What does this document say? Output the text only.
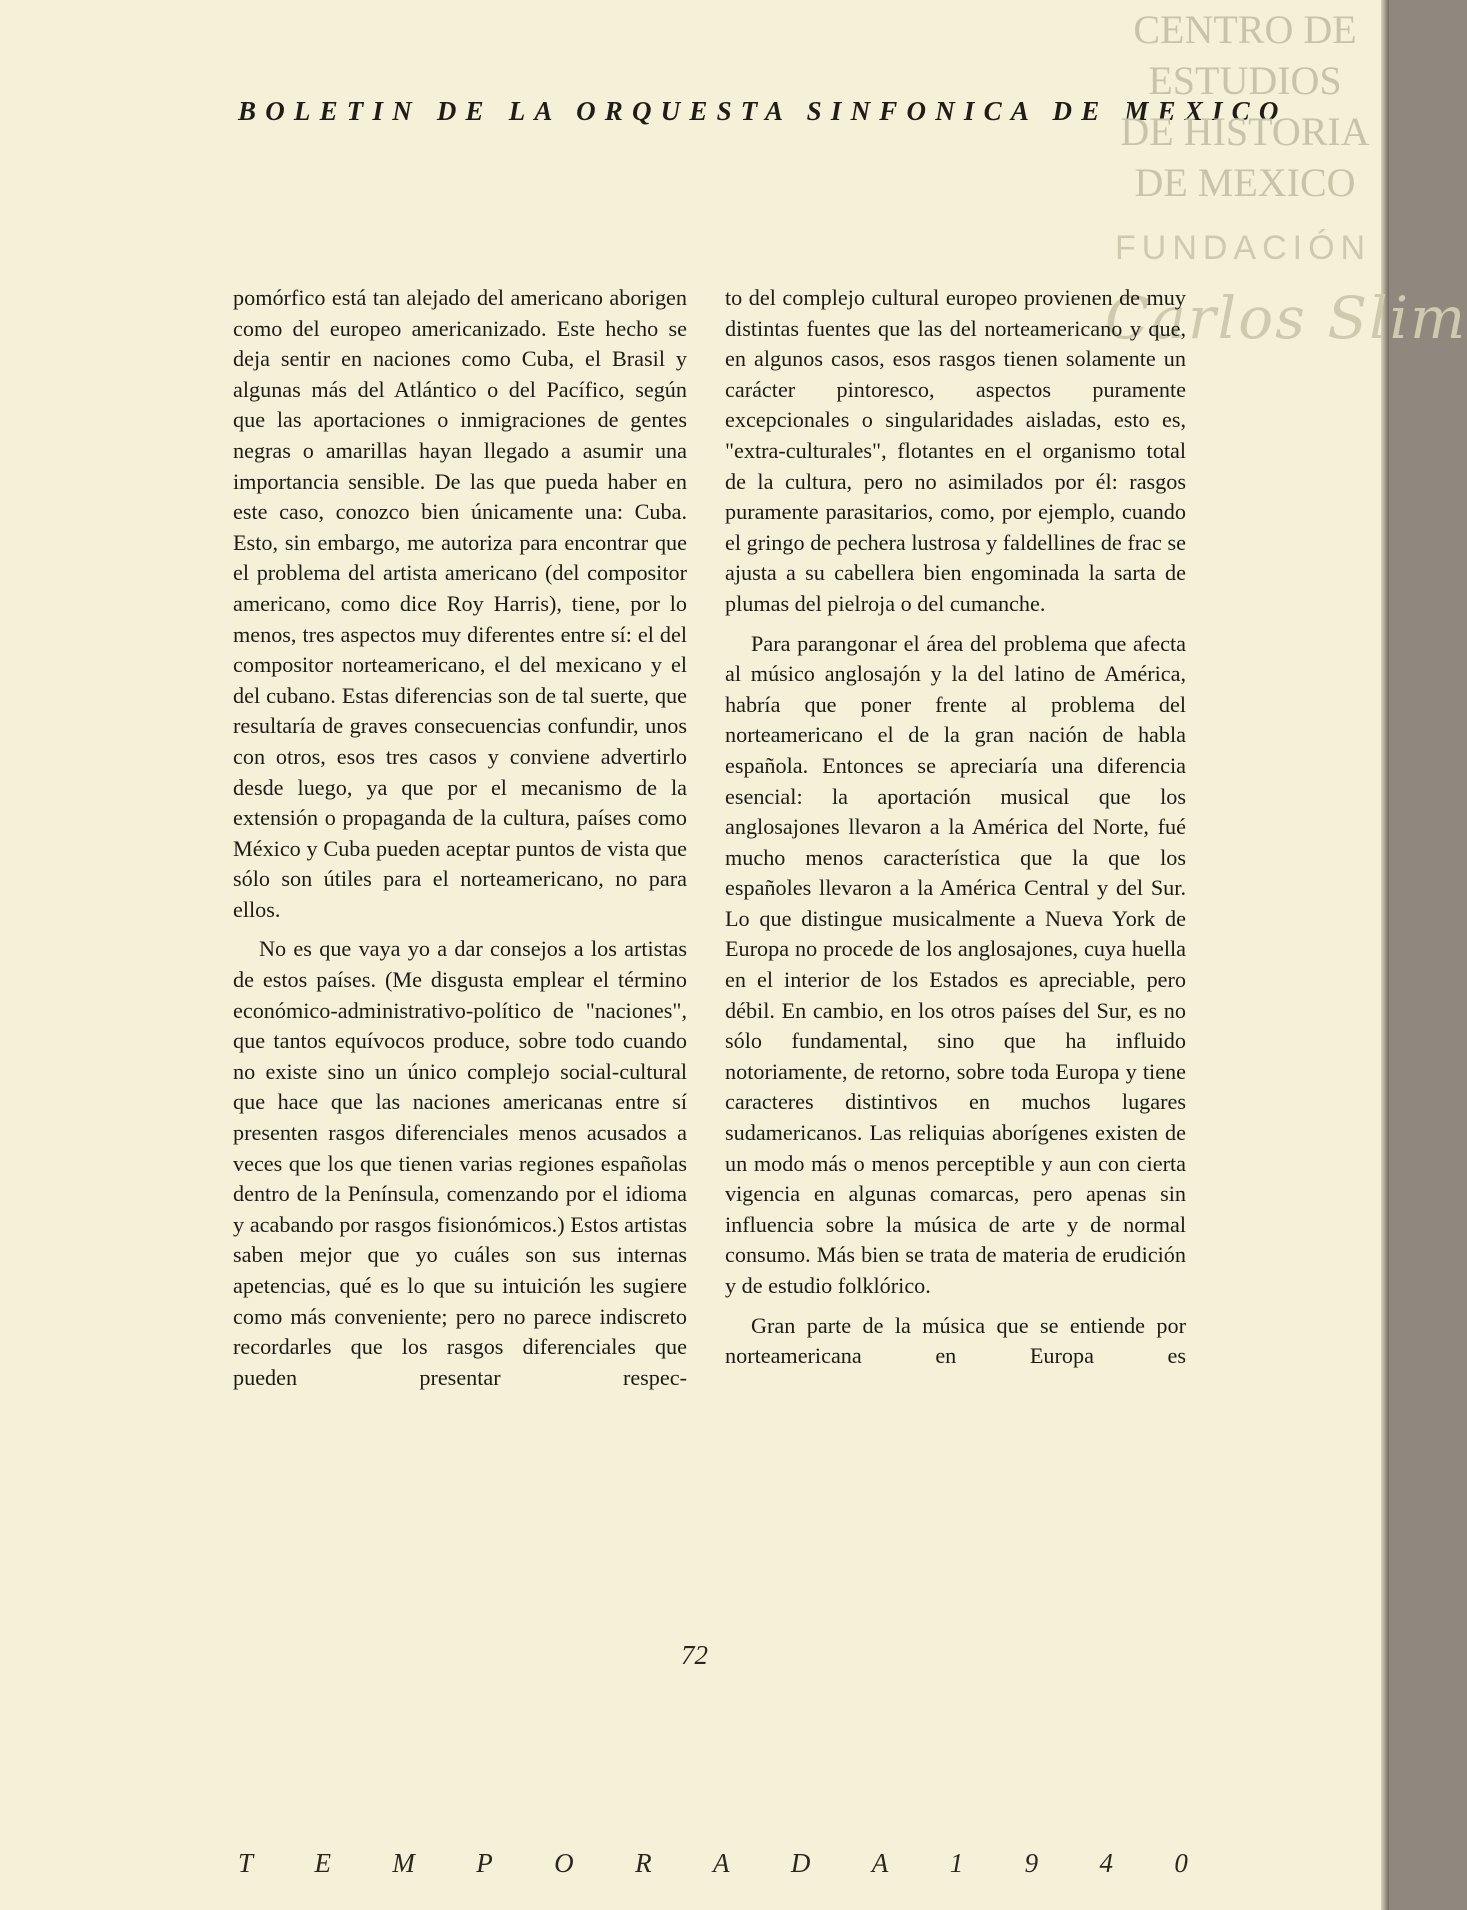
BOLETIN DE LA ORQUESTA SINFONICA DE MEXICO
CENTRO DE
ESTUDIOS
DE HISTORIA
DE MEXICO
FUNDACIÓN
Carlos Slim

pomórfico está tan alejado del americano aborigen como del europeo americanizado. Este hecho se deja sentir en naciones como Cuba, el Brasil y algunas más del Atlántico o del Pacífico, según que las aportaciones o inmigraciones de gentes negras o amarillas hayan llegado a asumir una importancia sensible. De las que pueda haber en este caso, conozco bien únicamente una: Cuba. Esto, sin embargo, me autoriza para encontrar que el problema del artista americano (del compositor americano, como dice Roy Harris), tiene, por lo menos, tres aspectos muy diferentes entre sí: el del compositor norteamericano, el del mexicano y el del cubano. Estas diferencias son de tal suerte, que resultaría de graves consecuencias confundir, unos con otros, esos tres casos y conviene advertirlo desde luego, ya que por el mecanismo de la extensión o propaganda de la cultura, países como México y Cuba pueden aceptar puntos de vista que sólo son útiles para el norteamericano, no para ellos.

No es que vaya yo a dar consejos a los artistas de estos países. (Me disgusta emplear el término económico-administrativo-político de "naciones", que tantos equívocos produce, sobre todo cuando no existe sino un único complejo social-cultural que hace que las naciones americanas entre sí presenten rasgos diferenciales menos acusados a veces que los que tienen varias regiones españolas dentro de la Península, comenzando por el idioma y acabando por rasgos fisionómicos.) Estos artistas saben mejor que yo cuáles son sus internas apetencias, qué es lo que su intuición les sugiere como más conveniente; pero no parece indiscreto recordarles que los rasgos diferenciales que pueden presentar respec-

to del complejo cultural europeo provienen de muy distintas fuentes que las del norteamericano y que, en algunos casos, esos rasgos tienen solamente un carácter pintoresco, aspectos puramente excepcionales o singularidades aisladas, esto es, "extra-culturales", flotantes en el organismo total de la cultura, pero no asimilados por él: rasgos puramente parasitarios, como, por ejemplo, cuando el gringo de pechera lustrosa y faldellines de frac se ajusta a su cabellera bien engominada la sarta de plumas del pielroja o del cumanche.

Para parangonar el área del problema que afecta al músico anglosajón y la del latino de América, habría que poner frente al problema del norteamericano el de la gran nación de habla española. Entonces se apreciaría una diferencia esencial: la aportación musical que los anglosajones llevaron a la América del Norte, fué mucho menos característica que la que los españoles llevaron a la América Central y del Sur. Lo que distingue musicalmente a Nueva York de Europa no procede de los anglosajones, cuya huella en el interior de los Estados es apreciable, pero débil. En cambio, en los otros países del Sur, es no sólo fundamental, sino que ha influido notoriamente, de retorno, sobre toda Europa y tiene caracteres distintivos en muchos lugares sudamericanos. Las reliquias aborígenes existen de un modo más o menos perceptible y aun con cierta vigencia en algunas comarcas, pero apenas sin influencia sobre la música de arte y de normal consumo. Más bien se trata de materia de erudición y de estudio folklórico.

Gran parte de la música que se entiende por norteamericana en Europa es

72
T E M P O R A D A 1 9 4 0
